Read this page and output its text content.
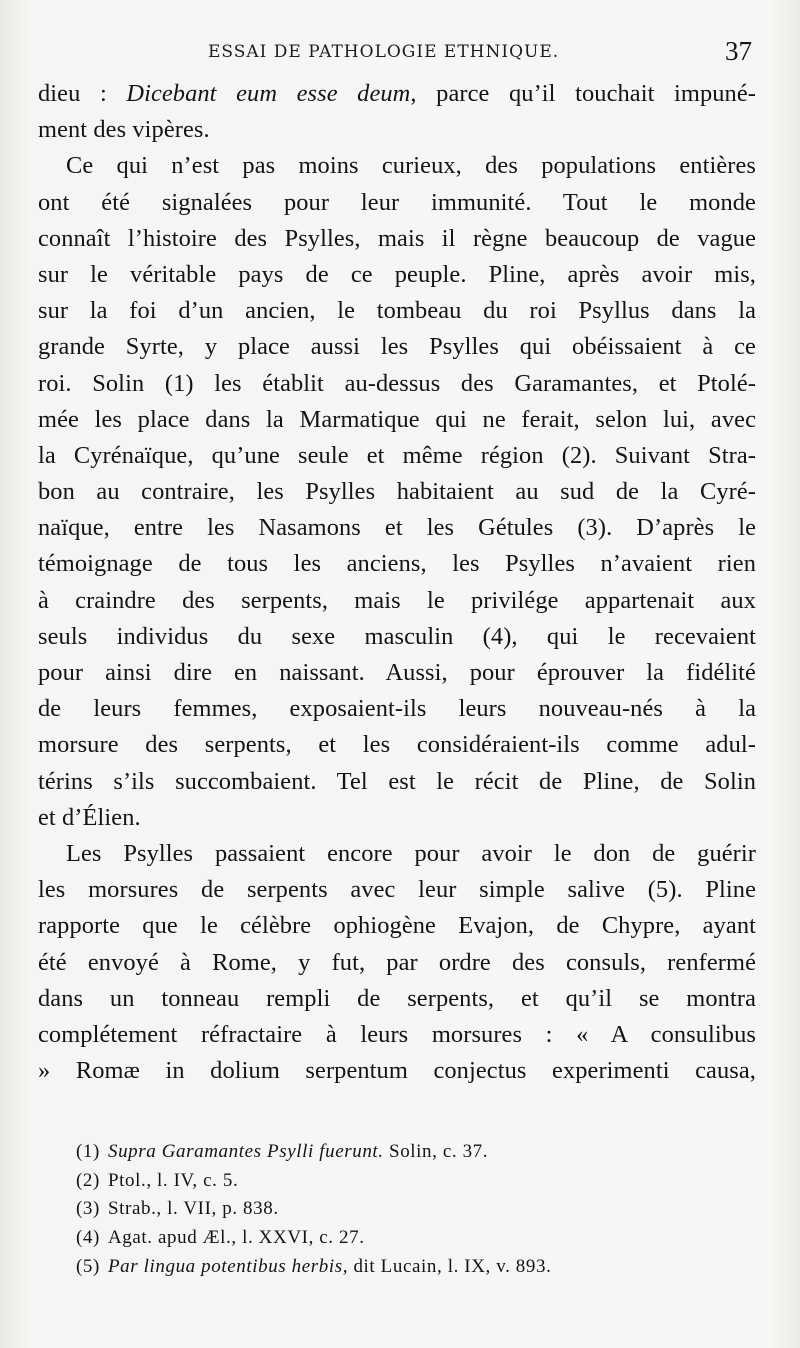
ESSAI DE PATHOLOGIE ETHNIQUE.	37
dieu : Dicebant eum esse deum, parce qu’il touchait impuné-
ment des vipères.
Ce qui n’est pas moins curieux, des populations entières
ont été signalées pour leur immunité. Tout le monde
connaît l’histoire des Psylles, mais il règne beaucoup de vague
sur le véritable pays de ce peuple. Pline, après avoir mis,
sur la foi d’un ancien, le tombeau du roi Psyllus dans la
grande Syrte, y place aussi les Psylles qui obéissaient à ce
roi. Solin (1) les établit au-dessus des Garamantes, et Ptolé-
mée les place dans la Marmatique qui ne ferait, selon lui, avec
la Cyrénaïque, qu’une seule et même région (2). Suivant Stra-
bon au contraire, les Psylles habitaient au sud de la Cyré-
naïque, entre les Nasamons et les Gétules (3). D’après le
témoignage de tous les anciens, les Psylles n’avaient rien
à craindre des serpents, mais le privilége appartenait aux
seuls individus du sexe masculin (4), qui le recevaient
pour ainsi dire en naissant. Aussi, pour éprouver la fidélité
de leurs femmes, exposaient-ils leurs nouveau-nés à la
morsure des serpents, et les considéraient-ils comme adul-
térins s’ils succombaient. Tel est le récit de Pline, de Solin
et d’Élien.
Les Psylles passaient encore pour avoir le don de guérir
les morsures de serpents avec leur simple salive (5). Pline
rapporte que le célèbre ophiogène Evajon, de Chypre, ayant
été envoyé à Rome, y fut, par ordre des consuls, renfermé
dans un tonneau rempli de serpents, et qu’il se montra
complétement réfractaire à leurs morsures : « A consulibus
» Romæ in dolium serpentum conjectus experimenti causa,
(1) Supra Garamantes Psylli fuerunt. Solin, c. 37.
(2) Ptol., l. IV, c. 5.
(3) Strab., l. VII, p. 838.
(4) Agat. apud Æl., l. XXVI, c. 27.
(5) Par lingua potentibus herbis, dit Lucain, l. IX, v. 893.
